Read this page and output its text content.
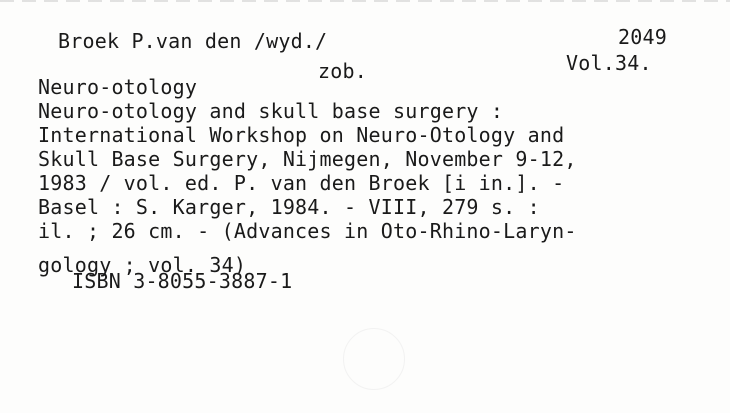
Broek P.van den /wyd./
zob.
2049
Vol.34.
Neuro-otology
Neuro-otology and skull base surgery :
International Workshop on Neuro-Otology and
Skull Base Surgery, Nijmegen, November 9-12,
1983 / vol. ed. P. van den Broek [i in.]. -
Basel : S. Karger, 1984. - VIII, 279 s. :
il. ; 26 cm. - (Advances in Oto-Rhino-Laryn-
gology ; vol. 34)
ISBN 3-8055-3887-1
